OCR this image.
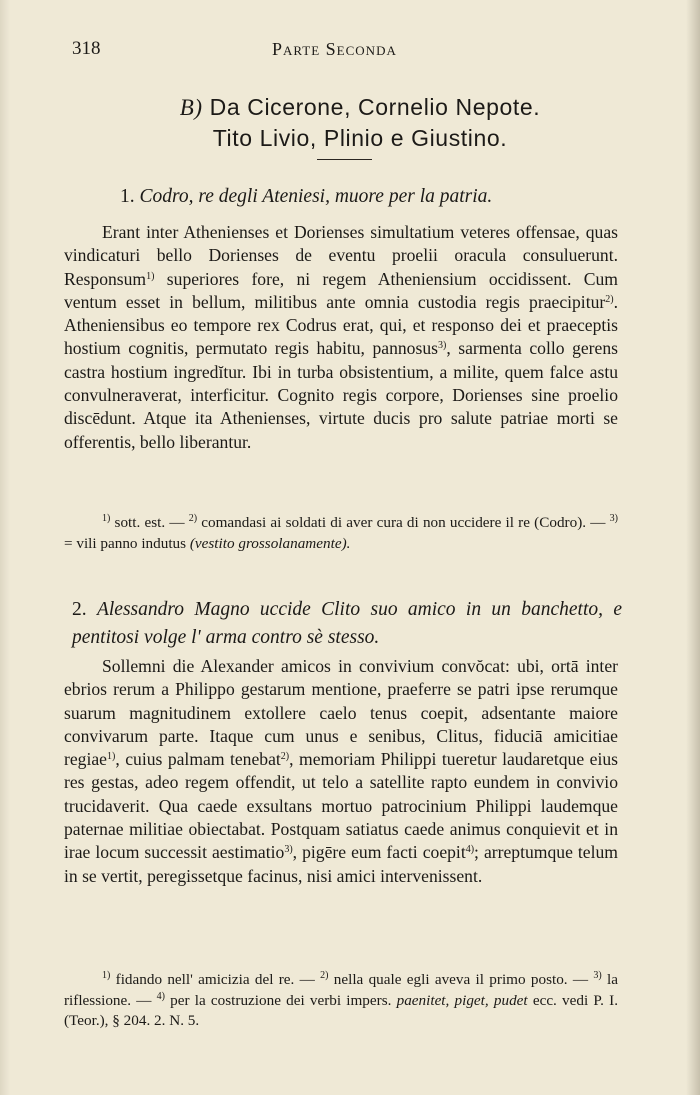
318	Parte Seconda
B) Da Cicerone, Cornelio Nepote.
Tito Livio, Plinio e Giustino.
1. Codro, re degli Ateniesi, muore per la patria.

Erant inter Athenienses et Dorienses simultatium veteres offensae, quas vindicaturi bello Dorienses de eventu proelii oracula consuluerunt. Responsum$^{1)}$ superiores fore, ni regem Atheniensium occidissent. Cum ventum esset in bellum, militibus ante omnia custodia regis praecipitur$^{2)}$. Atheniensibus eo tempore rex Codrus erat, qui, et responso dei et praeceptis hostium cognitis, permutato regis habitu, pannosus$^{3)}$, sarmenta collo gerens castra hostium ingredĭtur. Ibi in turba obsistentium, a milite, quem falce astu convulneraverat, interficitur. Cognito regis corpore, Dorienses sine proelio discēdunt. Atque ita Athenienses, virtute ducis pro salute patriae morti se offerentis, bello liberantur.

$^{1)}$ sott. est. — $^{2)}$ comandasi ai soldati di aver cura di non uccidere il re (Codro). — $^{3)}$ = vili panno indutus (vestito grossolanamente).

2. Alessandro Magno uccide Clito suo amico in un banchetto, e pentitosi volge l' arma contro sè stesso.

Sollemni die Alexander amicos in convivium convŏcat: ubi, ortā inter ebrios rerum a Philippo gestarum mentione, praeferre se patri ipse rerumque suarum magnitudinem extollere caelo tenus coepit, adsentante maiore convivarum parte. Itaque cum unus e senibus, Clitus, fiduciā amicitiae regiae$^{1)}$, cuius palmam tenebat$^{2)}$, memoriam Philippi tueretur laudaretque eius res gestas, adeo regem offendit, ut telo a satellite rapto eundem in convivio trucidaverit. Qua caede exsultans mortuo patrocinium Philippi laudemque paternae militiae obiectabat. Postquam satiatus caede animus conquievit et in irae locum successit aestimatio$^{3)}$, pigēre eum facti coepit$^{4)}$; arreptumque telum in se vertit, peregissetque facinus, nisi amici intervenissent.

$^{1)}$ fidando nell' amicizia del re. — $^{2)}$ nella quale egli aveva il primo posto. — $^{3)}$ la riflessione. — $^{4)}$ per la costruzione dei verbi impers. paenitet, piget, pudet ecc. vedi P. I. (Teor.), § 204. 2. N. 5.
